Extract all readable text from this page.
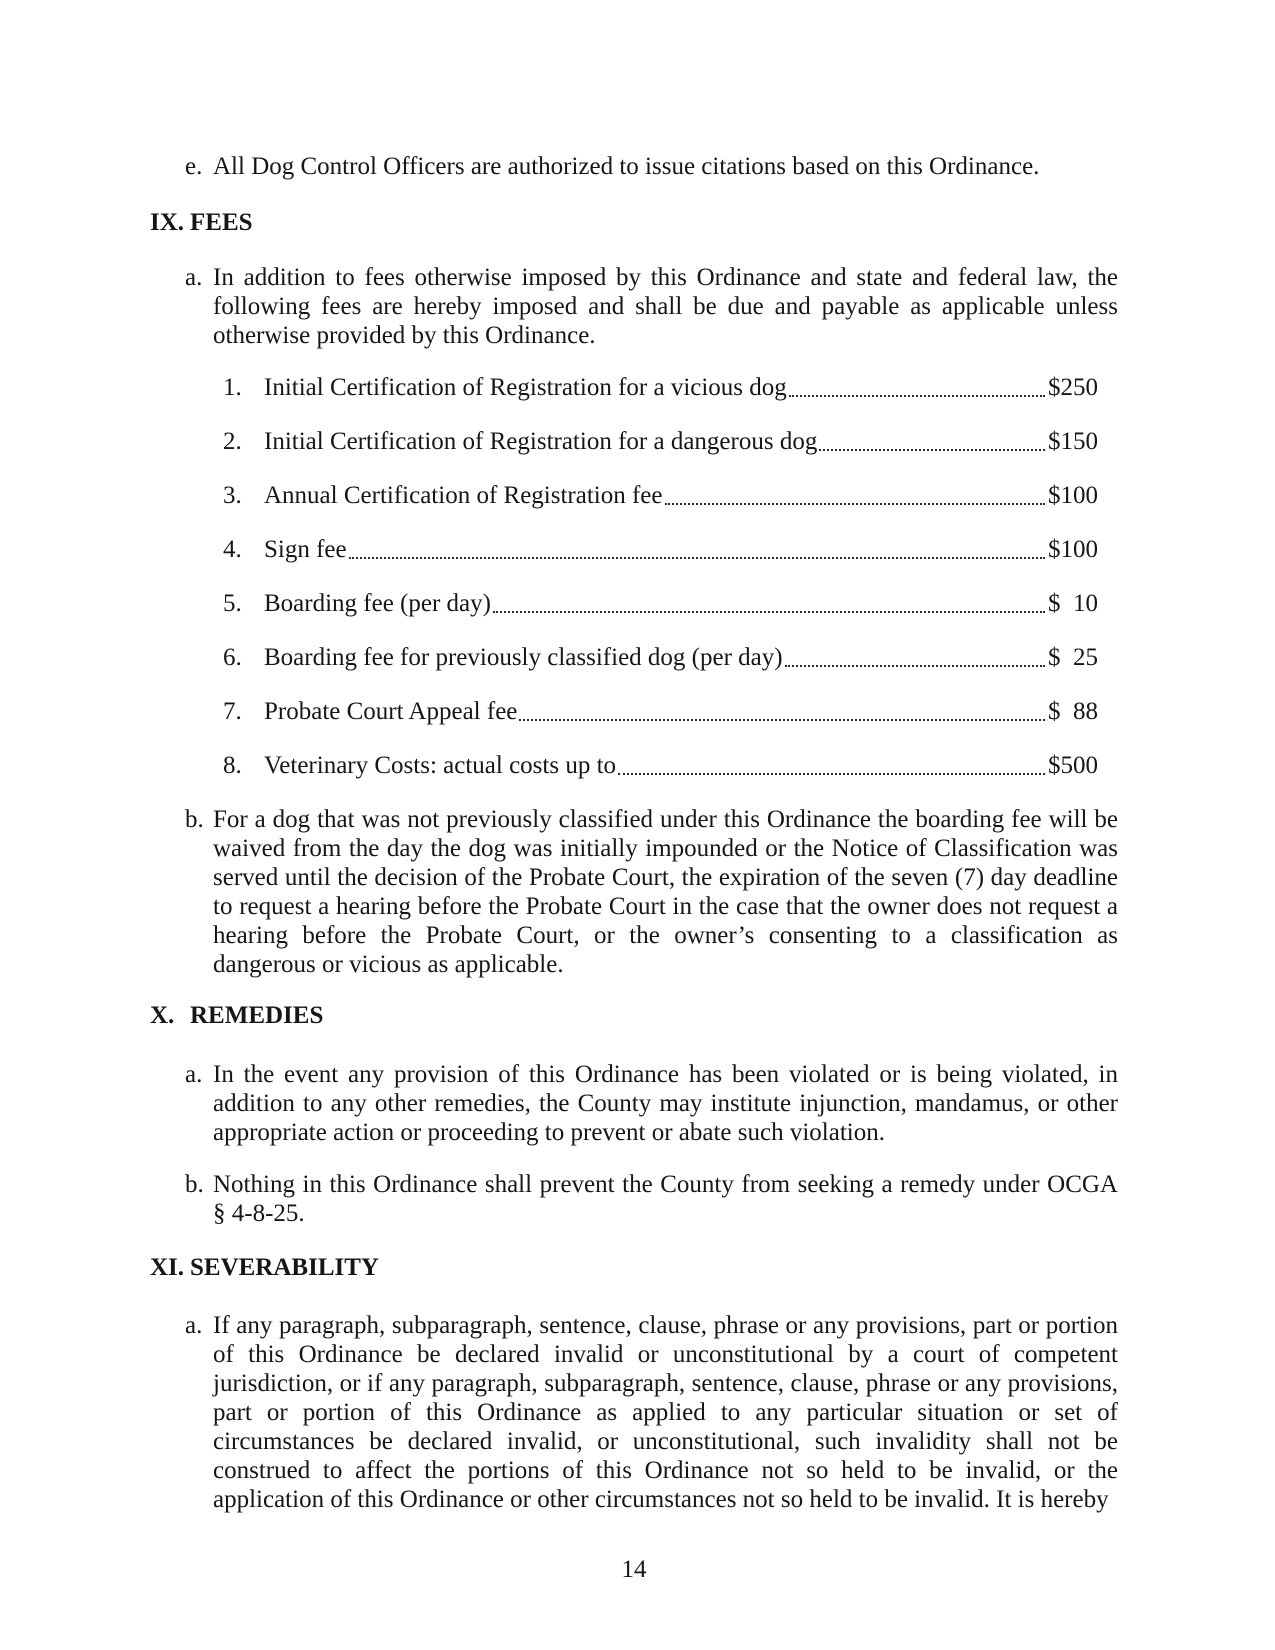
e. All Dog Control Officers are authorized to issue citations based on this Ordinance.
IX. FEES
a. In addition to fees otherwise imposed by this Ordinance and state and federal law, the following fees are hereby imposed and shall be due and payable as applicable unless otherwise provided by this Ordinance.
1. Initial Certification of Registration for a vicious dog	$ 250
2. Initial Certification of Registration for a dangerous dog	$ 150
3. Annual Certification of Registration fee	$ 100
4. Sign fee	$ 100
5. Boarding fee (per day)	$ 10
6. Boarding fee for previously classified dog (per day)	$ 25
7. Probate Court Appeal fee	$ 88
8. Veterinary Costs: actual costs up to	$ 500
b. For a dog that was not previously classified under this Ordinance the boarding fee will be waived from the day the dog was initially impounded or the Notice of Classification was served until the decision of the Probate Court, the expiration of the seven (7) day deadline to request a hearing before the Probate Court in the case that the owner does not request a hearing before the Probate Court, or the owner’s consenting to a classification as dangerous or vicious as applicable.
X. REMEDIES
a. In the event any provision of this Ordinance has been violated or is being violated, in addition to any other remedies, the County may institute injunction, mandamus, or other appropriate action or proceeding to prevent or abate such violation.
b. Nothing in this Ordinance shall prevent the County from seeking a remedy under OCGA § 4-8-25.
XI. SEVERABILITY
a. If any paragraph, subparagraph, sentence, clause, phrase or any provisions, part or portion of this Ordinance be declared invalid or unconstitutional by a court of competent jurisdiction, or if any paragraph, subparagraph, sentence, clause, phrase or any provisions, part or portion of this Ordinance as applied to any particular situation or set of circumstances be declared invalid, or unconstitutional, such invalidity shall not be construed to affect the portions of this Ordinance not so held to be invalid, or the application of this Ordinance or other circumstances not so held to be invalid. It is hereby
14
